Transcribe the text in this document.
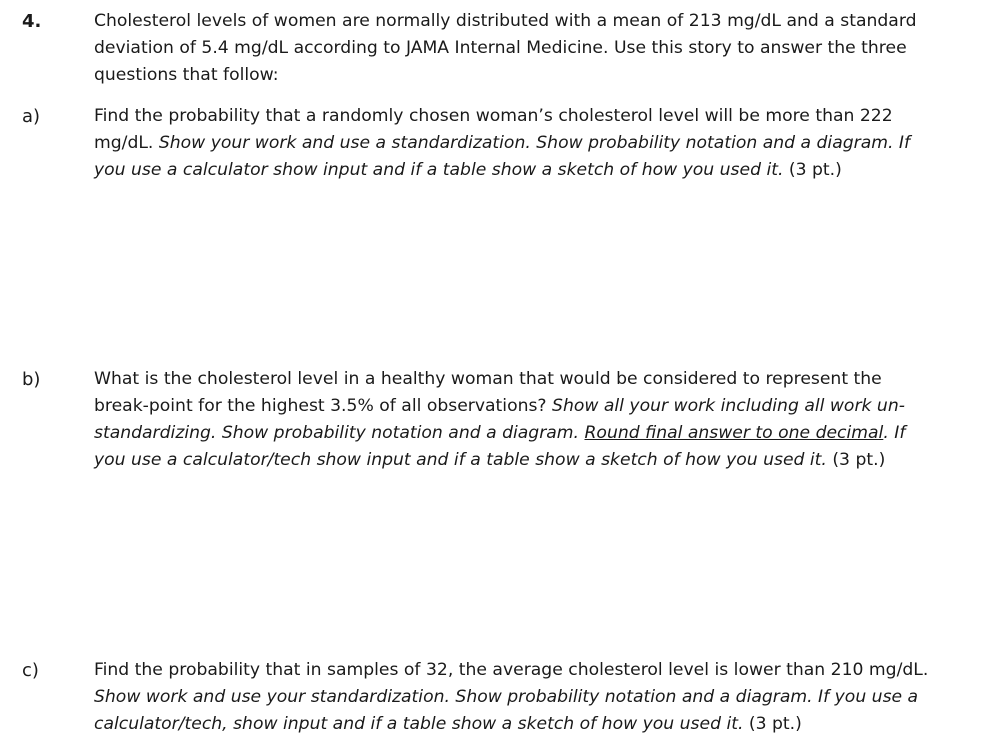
4.	Cholesterol levels of women are normally distributed with a mean of 213 mg/dL and a standard
deviation of 5.4 mg/dL according to JAMA Internal Medicine. Use this story to answer the three
questions that follow:
a)	Find the probability that a randomly chosen woman’s cholesterol level will be more than 222
mg/dL. Show your work and use a standardization. Show probability notation and a diagram. If
you use a calculator show input and if a table show a sketch of how you used it. (3 pt.)
b)	What is the cholesterol level in a healthy woman that would be considered to represent the
break-point for the highest 3.5% of all observations? Show all your work including all work un-
standardizing. Show probability notation and a diagram. Round final answer to one decimal. If
you use a calculator/tech show input and if a table show a sketch of how you used it. (3 pt.)
c)	Find the probability that in samples of 32, the average cholesterol level is lower than 210 mg/dL.
Show work and use your standardization. Show probability notation and a diagram. If you use a
calculator/tech, show input and if a table show a sketch of how you used it. (3 pt.)
